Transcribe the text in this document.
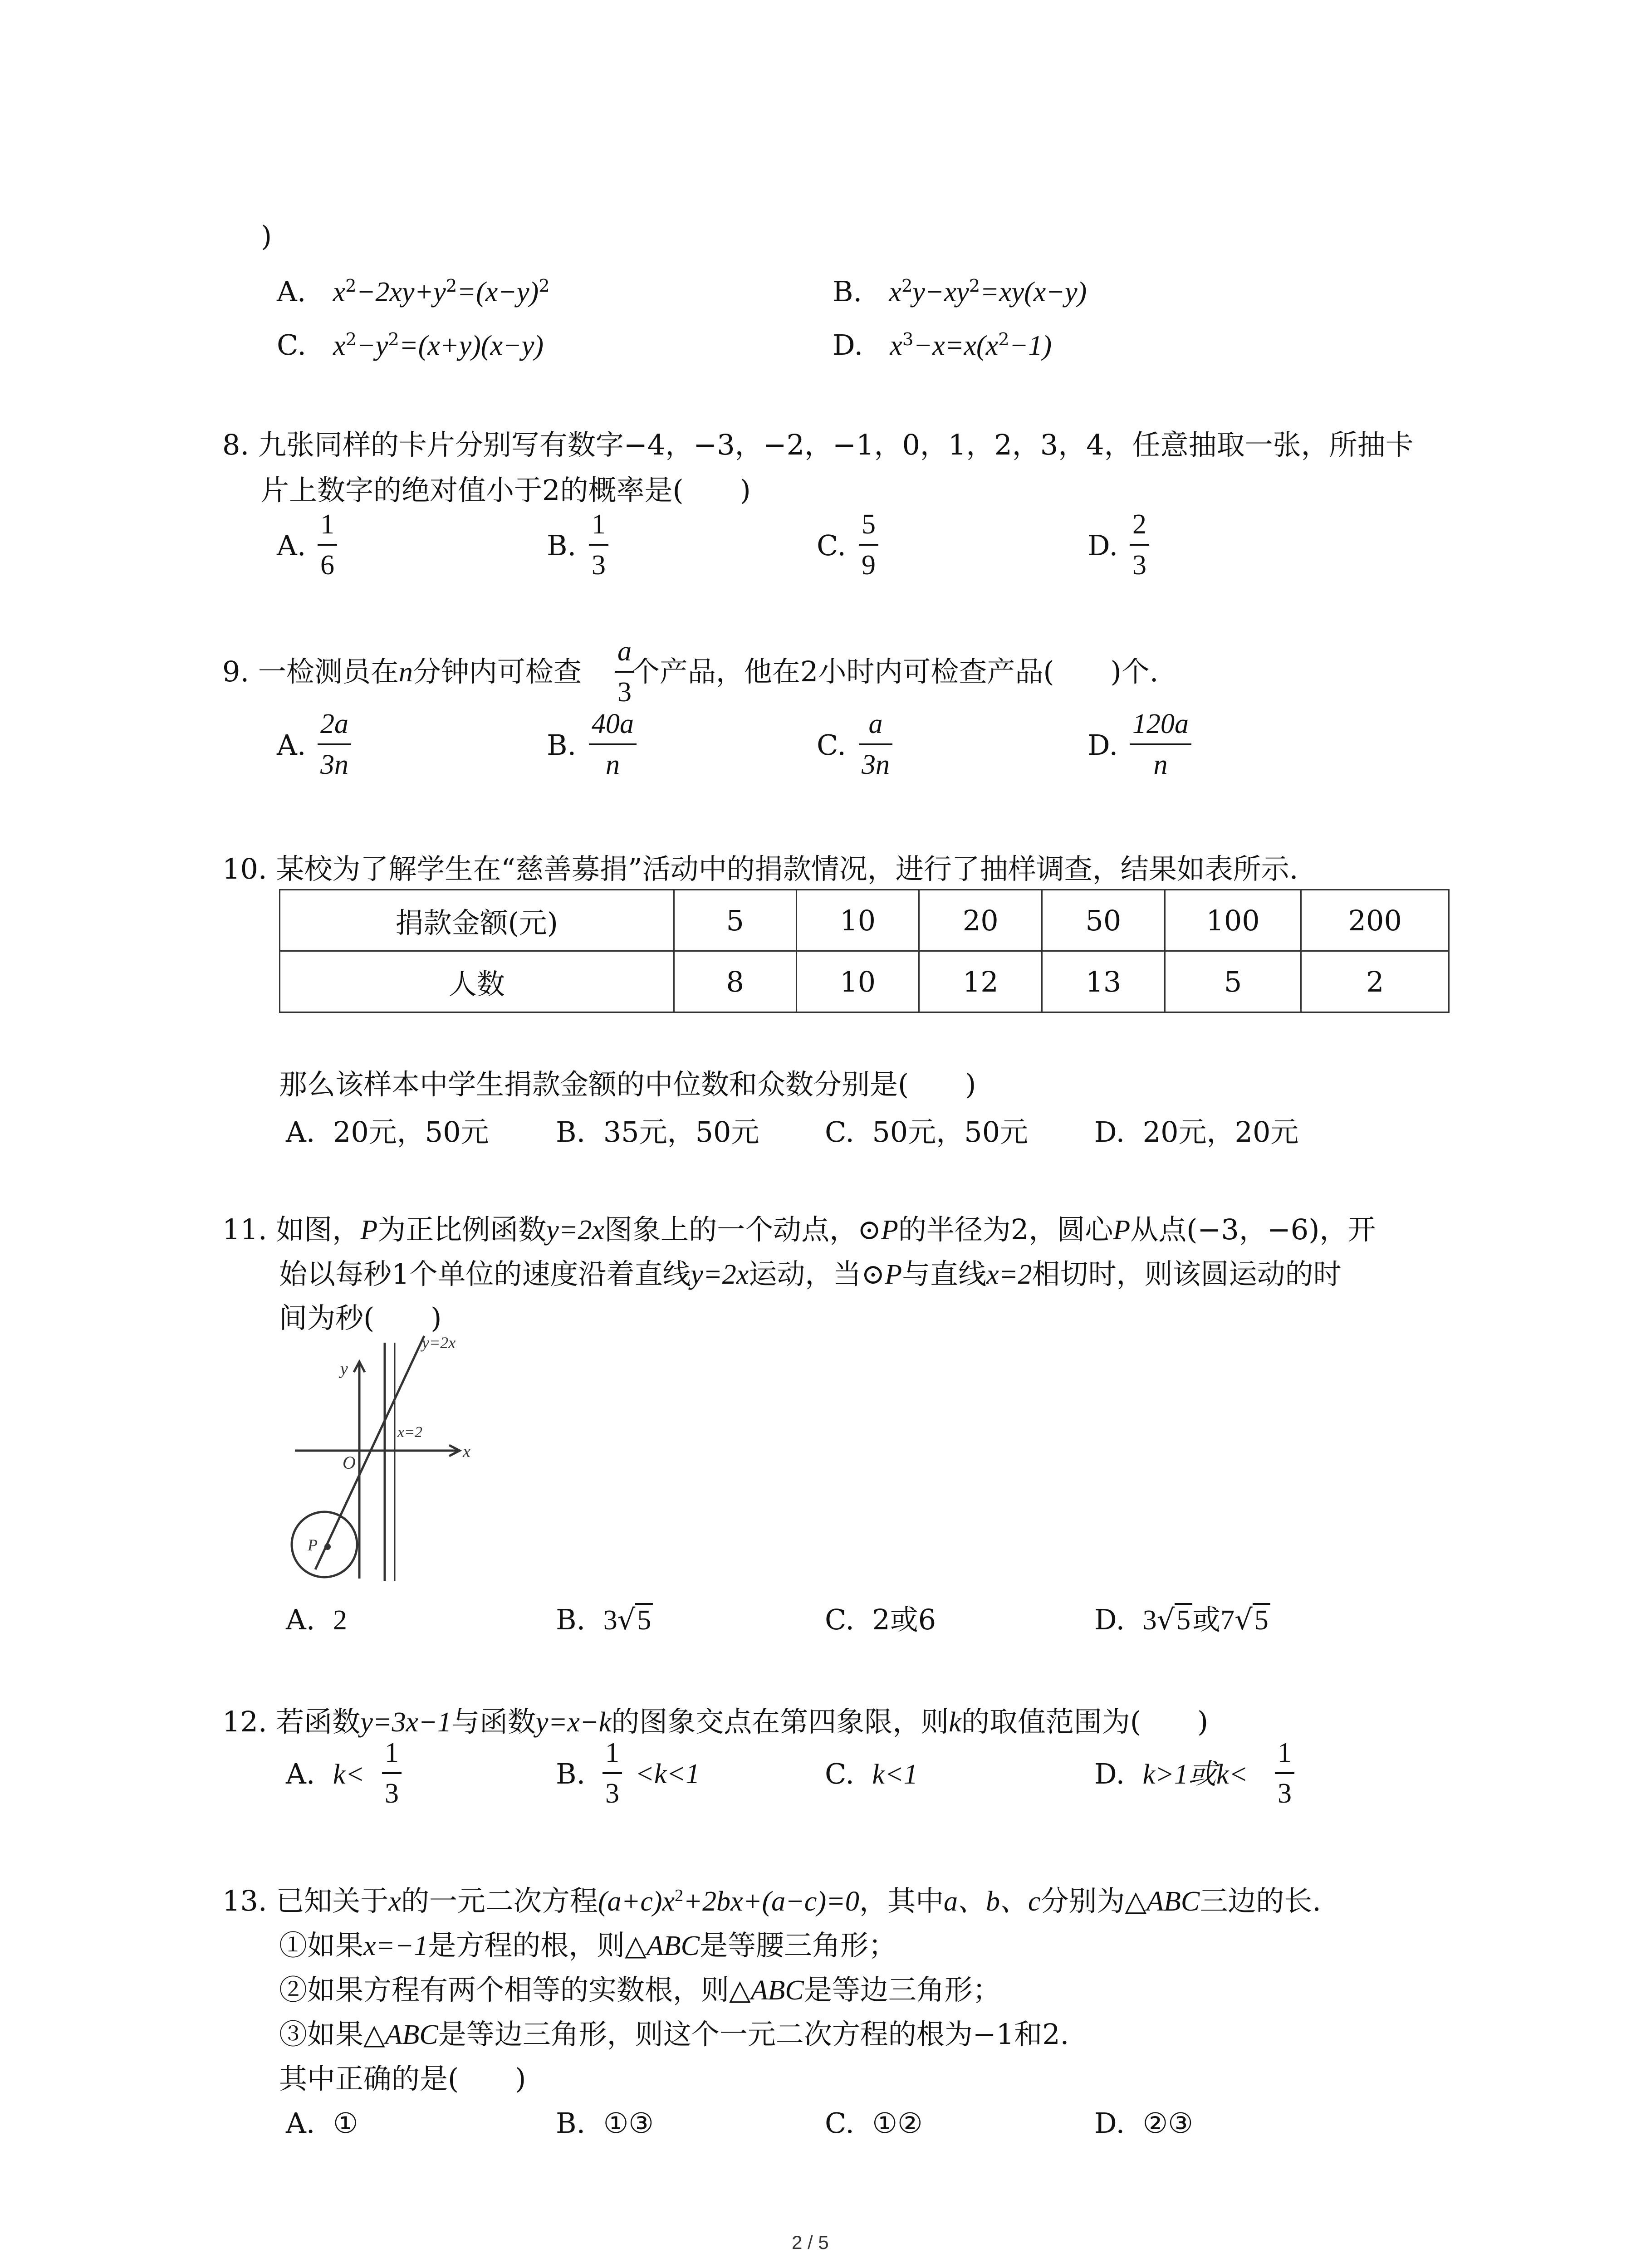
)
A. $x^2-2xy+y^2=(x-y)^2$	B. $x^2y-xy^2=xy(x-y)$
C. $x^2-y^2=(x+y)(x-y)$	D. $x^3-x=x(x^2-1)$
8. 九张同样的卡片分别写有数字−4，−3，−2，−1，0，1，2，3，4，任意抽取一张，所抽卡
片上数字的绝对值小于2的概率是(　　)
A.
1
6
B.
1
3
C.
5
9
D.
2
3
9. 一检测员在n分钟内可检查 个产品，他在2小时内可检查产品(　　)个.
a
3
A.
2a
3n
B.
40a
n
C.
a
3n
D.
120a
n
10. 某校为了解学生在“慈善募捐”活动中的捐款情况，进行了抽样调查，结果如表所示.
捐款金额(元)	5	10	20	50	100	200
人数	8	10	12	13	5	2
那么该样本中学生捐款金额的中位数和众数分别是(　　)
A. 20元，50元 B. 35元，50元 C. 50元，50元 D. 20元，20元
11. 如图，P为正比例函数y=2x图象上的一个动点，⊙P的半径为2，圆心P从点(−3，−6)，开
始以每秒1个单位的速度沿着直线y=2x运动，当⊙P与直线x=2相切时，则该圆运动的时
间为秒(　　)
y=2x
x=2
x
y
O
P
A. 2	B. 3√5	C. 2或6	D. 3√5或7√5
12. 若函数y=3x−1与函数y=x−k的图象交点在第四象限，则k的取值范围为(　　)
A. k<
1
3
B.
1
3
<k<1	C. k<1	D. k>1或k<
1
3
13. 已知关于x的一元二次方程$(a+c)x^2+2bx+(a-c)=0$，其中a、b、c分别为△ABC三边的长.
①如果x=−1是方程的根，则△ABC是等腰三角形；
②如果方程有两个相等的实数根，则△ABC是等边三角形；
③如果△ABC是等边三角形，则这个一元二次方程的根为−1和2.
其中正确的是(　　)
A. ①	B. ①③	C. ①②	D. ②③
2 / 5
